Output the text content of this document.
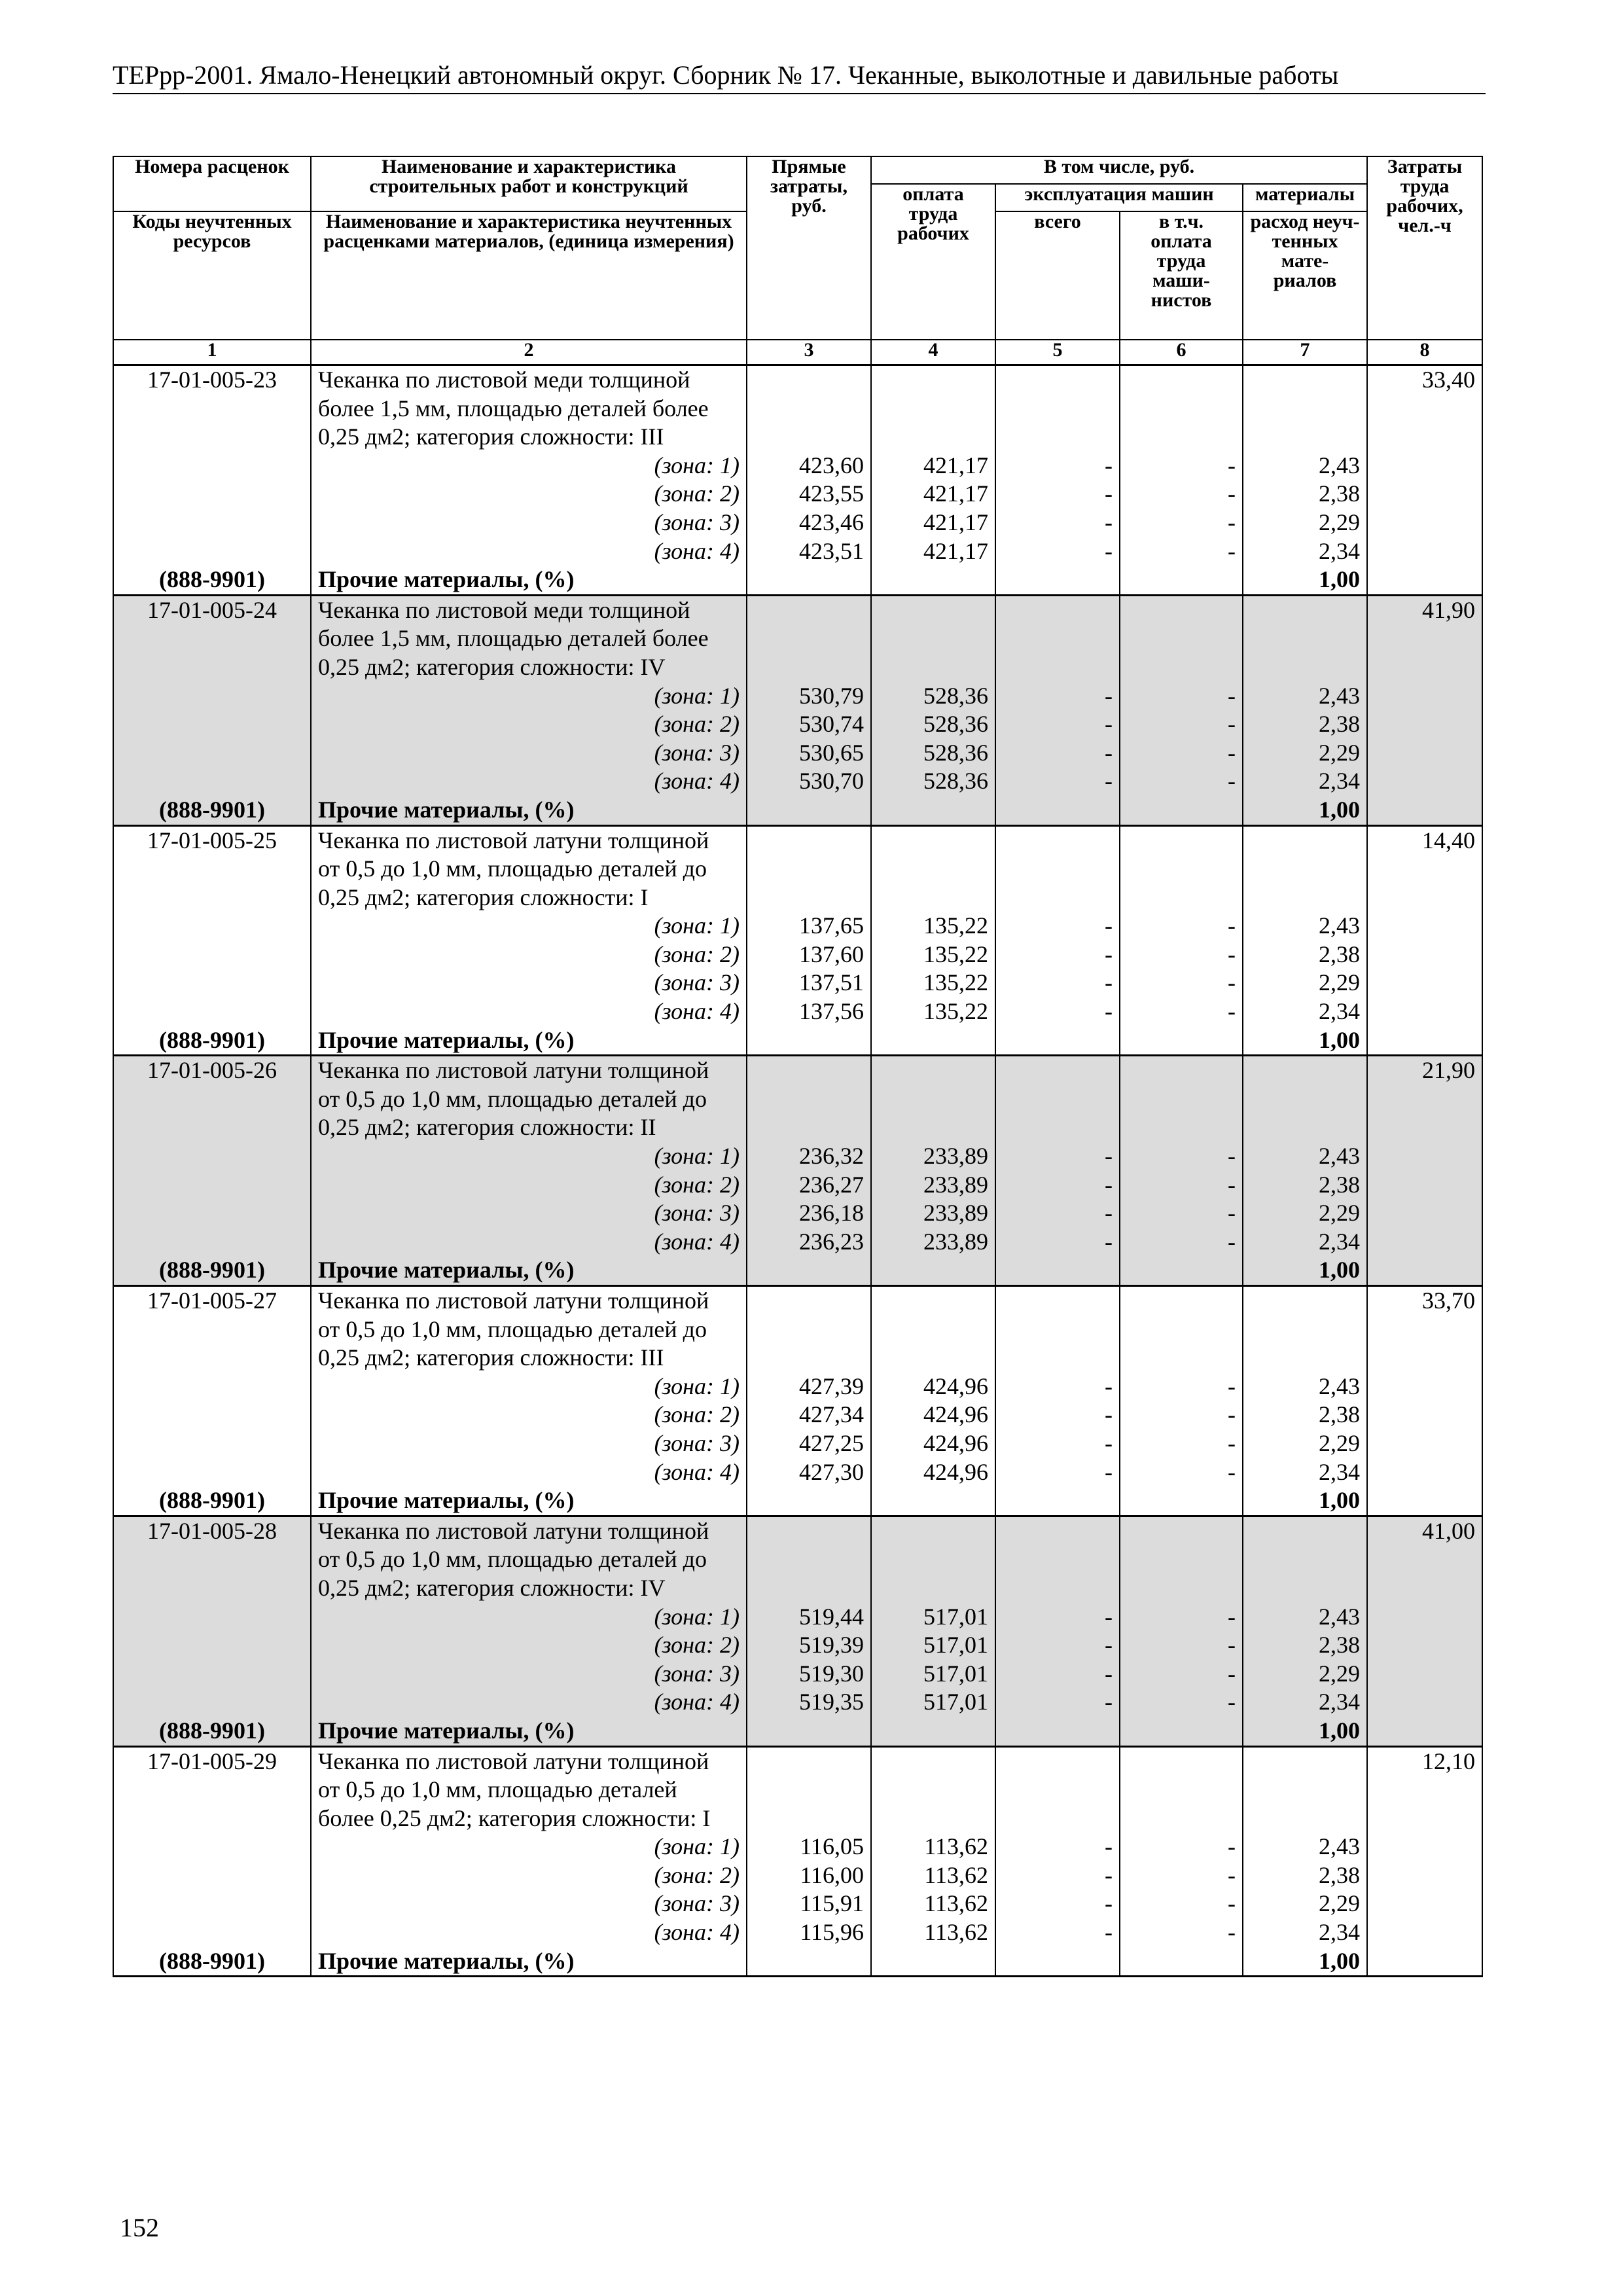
ТЕРрр-2001. Ямало-Ненецкий автономный округ. Сборник № 17. Чеканные, выколотные и давильные работы
Номера расценок	Наименование и характеристика строительных работ и конструкций	Прямые затраты, руб.	В том числе, руб.				Затраты труда рабочих, чел.-ч
			оплата труда рабочих	эксплуатация машин		материалы	
Коды неучтенных ресурсов	Наименование и характеристика неучтенных расценками материалов, (единица измерения)			всего	в т.ч. оплата труда маши-нистов	расход неуч-тенных мате-риалов	
1	2	3	4	5	6	7	8
17-01-005-23	Чеканка по листовой меди толщиной						33,40
	более 1,5 мм, площадью деталей более						
	0,25 дм2; категория сложности: III						
	(зона: 1)	423,60	421,17	-	-	2,43	
	(зона: 2)	423,55	421,17	-	-	2,38	
	(зона: 3)	423,46	421,17	-	-	2,29	
	(зона: 4)	423,51	421,17	-	-	2,34	
(888-9901)	Прочие материалы, (%)					1,00	
17-01-005-24	Чеканка по листовой меди толщиной						41,90
	более 1,5 мм, площадью деталей более						
	0,25 дм2; категория сложности: IV						
	(зона: 1)	530,79	528,36	-	-	2,43	
	(зона: 2)	530,74	528,36	-	-	2,38	
	(зона: 3)	530,65	528,36	-	-	2,29	
	(зона: 4)	530,70	528,36	-	-	2,34	
(888-9901)	Прочие материалы, (%)					1,00	
17-01-005-25	Чеканка по листовой латуни толщиной						14,40
	от 0,5 до 1,0 мм, площадью деталей до						
	0,25 дм2; категория сложности: I						
	(зона: 1)	137,65	135,22	-	-	2,43	
	(зона: 2)	137,60	135,22	-	-	2,38	
	(зона: 3)	137,51	135,22	-	-	2,29	
	(зона: 4)	137,56	135,22	-	-	2,34	
(888-9901)	Прочие материалы, (%)					1,00	
17-01-005-26	Чеканка по листовой латуни толщиной						21,90
	от 0,5 до 1,0 мм, площадью деталей до						
	0,25 дм2; категория сложности: II						
	(зона: 1)	236,32	233,89	-	-	2,43	
	(зона: 2)	236,27	233,89	-	-	2,38	
	(зона: 3)	236,18	233,89	-	-	2,29	
	(зона: 4)	236,23	233,89	-	-	2,34	
(888-9901)	Прочие материалы, (%)					1,00	
17-01-005-27	Чеканка по листовой латуни толщиной						33,70
	от 0,5 до 1,0 мм, площадью деталей до						
	0,25 дм2; категория сложности: III						
	(зона: 1)	427,39	424,96	-	-	2,43	
	(зона: 2)	427,34	424,96	-	-	2,38	
	(зона: 3)	427,25	424,96	-	-	2,29	
	(зона: 4)	427,30	424,96	-	-	2,34	
(888-9901)	Прочие материалы, (%)					1,00	
17-01-005-28	Чеканка по листовой латуни толщиной						41,00
	от 0,5 до 1,0 мм, площадью деталей до						
	0,25 дм2; категория сложности: IV						
	(зона: 1)	519,44	517,01	-	-	2,43	
	(зона: 2)	519,39	517,01	-	-	2,38	
	(зона: 3)	519,30	517,01	-	-	2,29	
	(зона: 4)	519,35	517,01	-	-	2,34	
(888-9901)	Прочие материалы, (%)					1,00	
17-01-005-29	Чеканка по листовой латуни толщиной						12,10
	от 0,5 до 1,0 мм, площадью деталей						
	более 0,25 дм2; категория сложности: I						
	(зона: 1)	116,05	113,62	-	-	2,43	
	(зона: 2)	116,00	113,62	-	-	2,38	
	(зона: 3)	115,91	113,62	-	-	2,29	
	(зона: 4)	115,96	113,62	-	-	2,34	
(888-9901)	Прочие материалы, (%)					1,00	
152
